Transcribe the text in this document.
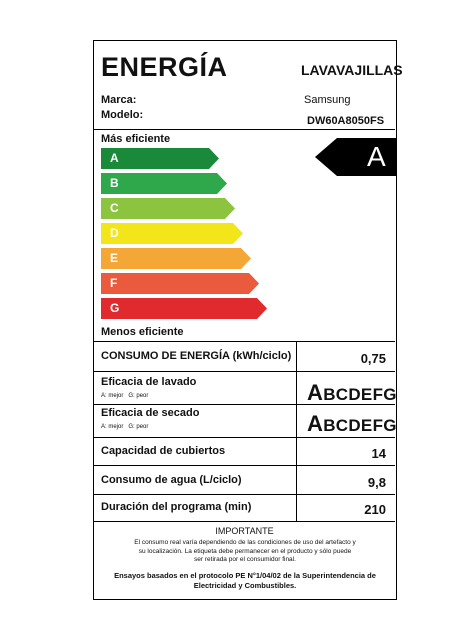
ENERGÍA	LAVAVAJILLAS
Marca:	Samsung
Modelo:	DW60A8050FS
Más eficiente
A
B
C
D
E
F
G
A
Menos eficiente
CONSUMO DE ENERGÍA (kWh/ciclo)	0,75
Eficacia de lavado
A: mejor G: peor	ABCDEFG
Eficacia de secado
A: mejor G: peor	ABCDEFG
Capacidad de cubiertos	14
Consumo de agua (L/ciclo)	9,8
Duración del programa (min)	210
IMPORTANTE
El consumo real varía dependiendo de las condiciones de uso del artefacto y su localización. La etiqueta debe permanecer en el producto y sólo puede ser retirada por el consumidor final.
Ensayos basados en el protocolo PE N°1/04/02 de la Superintendencia de Electricidad y Combustibles.
